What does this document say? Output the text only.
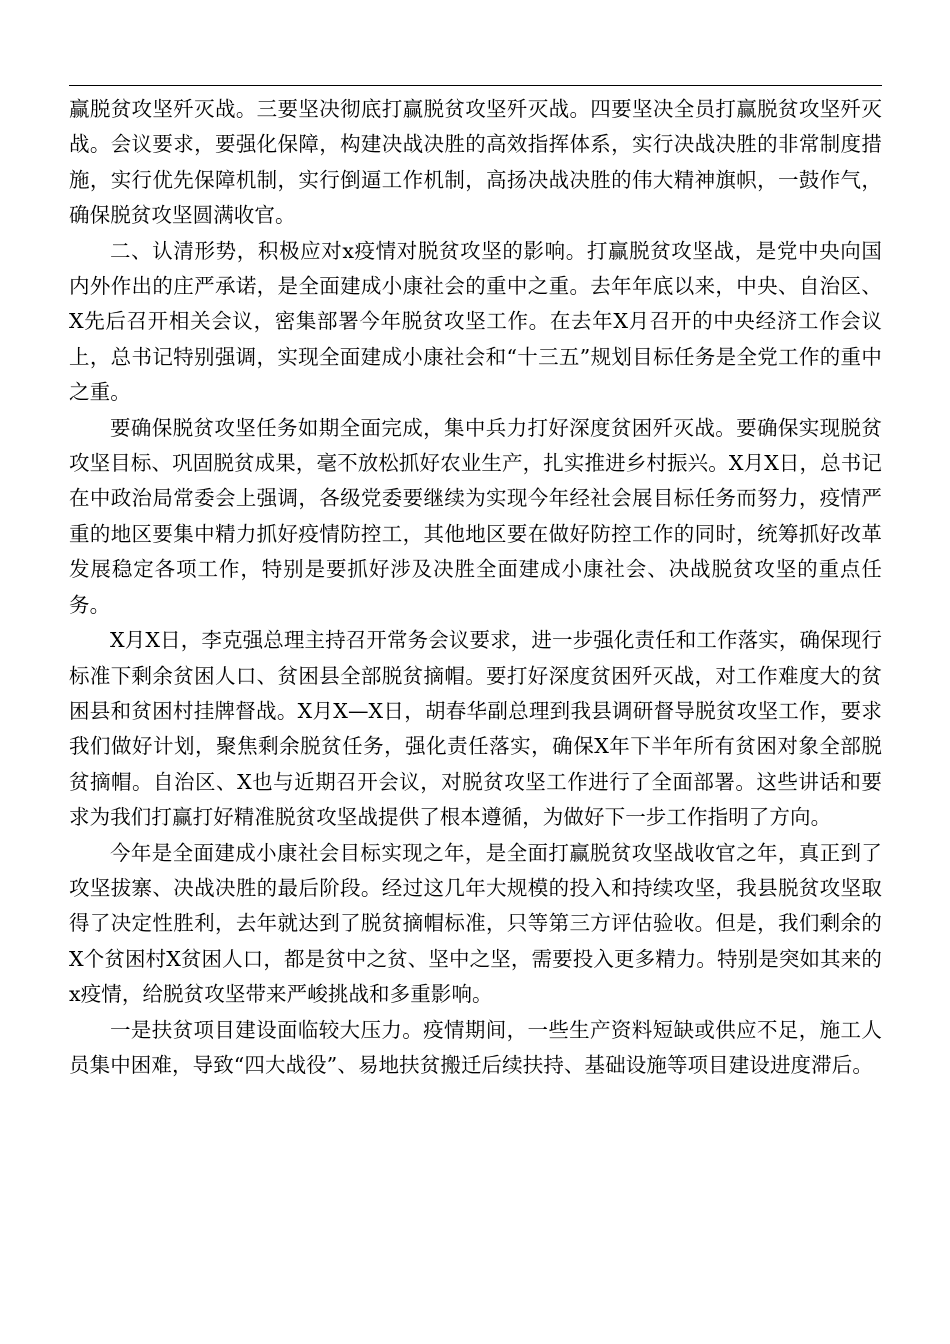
赢脱贫攻坚歼灭战。三要坚决彻底打赢脱贫攻坚歼灭战。四要坚决全员打赢脱贫攻坚歼灭战。会议要求，要强化保障，构建决战决胜的高效指挥体系，实行决战决胜的非常制度措施，实行优先保障机制，实行倒逼工作机制，高扬决战决胜的伟大精神旗帜，一鼓作气，确保脱贫攻坚圆满收官。

二、认清形势，积极应对x疫情对脱贫攻坚的影响。打赢脱贫攻坚战，是党中央向国内外作出的庄严承诺，是全面建成小康社会的重中之重。去年年底以来，中央、自治区、X先后召开相关会议，密集部署今年脱贫攻坚工作。在去年X月召开的中央经济工作会议上，总书记特别强调，实现全面建成小康社会和“十三五”规划目标任务是全党工作的重中之重。

要确保脱贫攻坚任务如期全面完成，集中兵力打好深度贫困歼灭战。要确保实现脱贫攻坚目标、巩固脱贫成果，毫不放松抓好农业生产，扎实推进乡村振兴。X月X日，总书记在中政治局常委会上强调，各级党委要继续为实现今年经社会展目标任务而努力，疫情严重的地区要集中精力抓好疫情防控工，其他地区要在做好防控工作的同时，统筹抓好改革发展稳定各项工作，特别是要抓好涉及决胜全面建成小康社会、决战脱贫攻坚的重点任务。

X月X日，李克强总理主持召开常务会议要求，进一步强化责任和工作落实，确保现行标准下剩余贫困人口、贫困县全部脱贫摘帽。要打好深度贫困歼灭战，对工作难度大的贫困县和贫困村挂牌督战。X月X—X日，胡春华副总理到我县调研督导脱贫攻坚工作，要求我们做好计划，聚焦剩余脱贫任务，强化责任落实，确保X年下半年所有贫困对象全部脱贫摘帽。自治区、X也与近期召开会议，对脱贫攻坚工作进行了全面部署。这些讲话和要求为我们打赢打好精准脱贫攻坚战提供了根本遵循，为做好下一步工作指明了方向。

今年是全面建成小康社会目标实现之年，是全面打赢脱贫攻坚战收官之年，真正到了攻坚拔寨、决战决胜的最后阶段。经过这几年大规模的投入和持续攻坚，我县脱贫攻坚取得了决定性胜利，去年就达到了脱贫摘帽标准，只等第三方评估验收。但是，我们剩余的X个贫困村X贫困人口，都是贫中之贫、坚中之坚，需要投入更多精力。特别是突如其来的x疫情，给脱贫攻坚带来严峻挑战和多重影响。

一是扶贫项目建设面临较大压力。疫情期间，一些生产资料短缺或供应不足，施工人员集中困难，导致“四大战役”、易地扶贫搬迁后续扶持、基础设施等项目建设进度滞后。
